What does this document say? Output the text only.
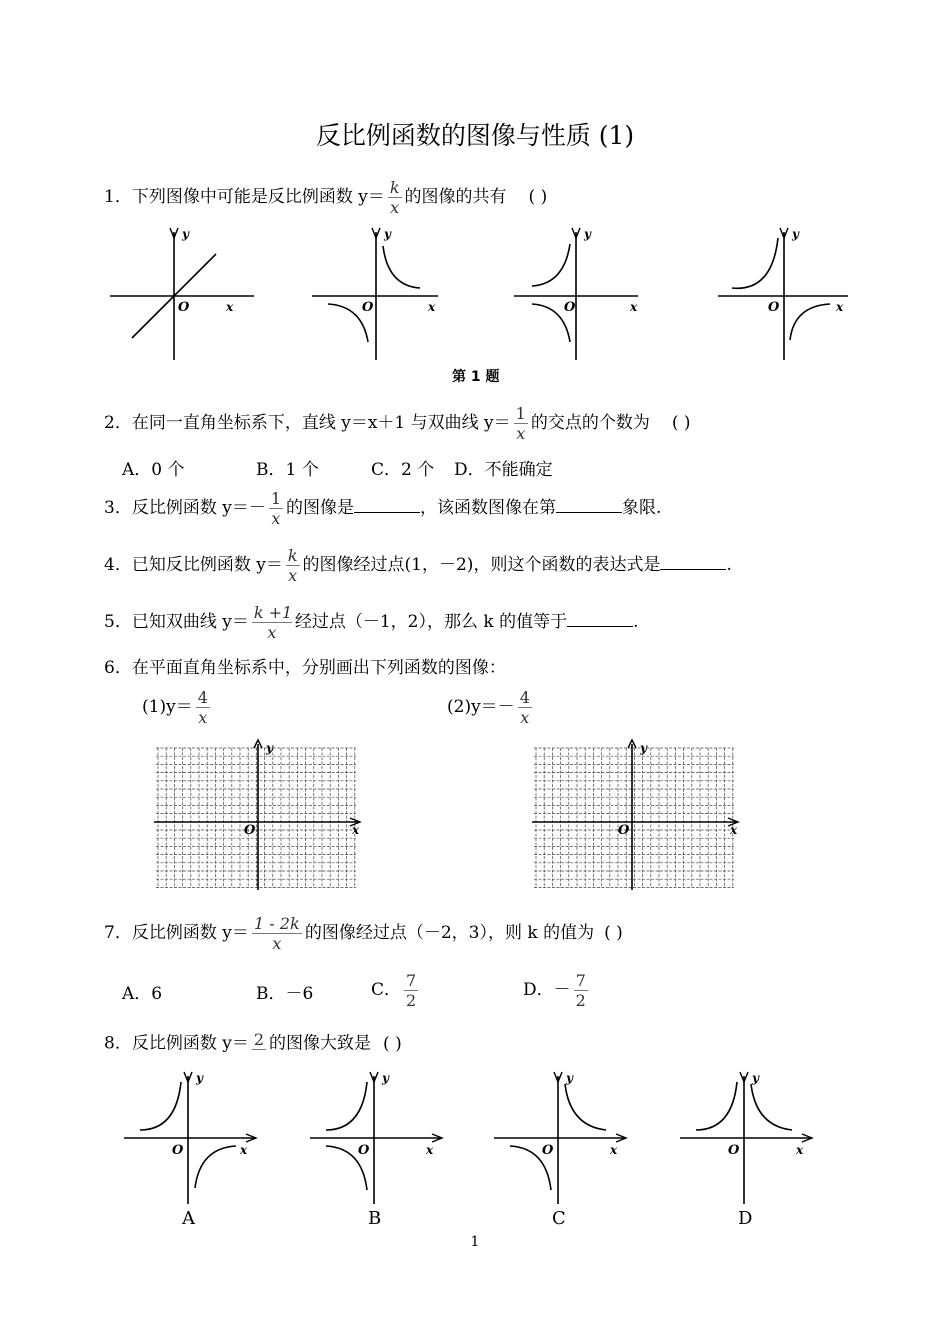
反比例函数的图像与性质 (1)
1．下列图像中可能是反比例函数 $y= \frac{k}{x}$ 的图像的共有 ( )
y
O	x
y
O	x
y
O	x
y
O	x
第 1 题
2．在同一直角坐标系下，直线 y＝x＋1 与双曲线 $y= \frac{1}{x}$ 的交点的个数为 ( )
A．0 个	B．1 个	C．2 个 D．不能确定
3．反比例函数 $y=- \frac{1}{x}$ 的图像是	，该函数图像在第	象限.
4．已知反比例函数 $y= \frac{k}{x}$ 的图像经过点(1，－2)，则这个函数的表达式是	.
5．已知双曲线 $y= \frac{k +1}{x}$ 经过点（－1，2），那么 k 的值等于	.
6．在平面直角坐标系中，分别画出下列函数的图像：
$(1)y= \frac{4}{x}$	$(2)y=- \frac{4}{x}$
y
O	x
y
O	x
7．反比例函数 $y= \frac{1 - 2k}{x}$ 的图像经过点（－2，3），则 k 的值为 ( )
A．6	B．－6	C． $\frac{7}{2}$	D．－ $\frac{7}{2}$
8．反比例函数 y＝ 2 的图像大致是 ( )
y
O	x
y
O	x
y
O	x
y
O	x
A	B	C	D
1
